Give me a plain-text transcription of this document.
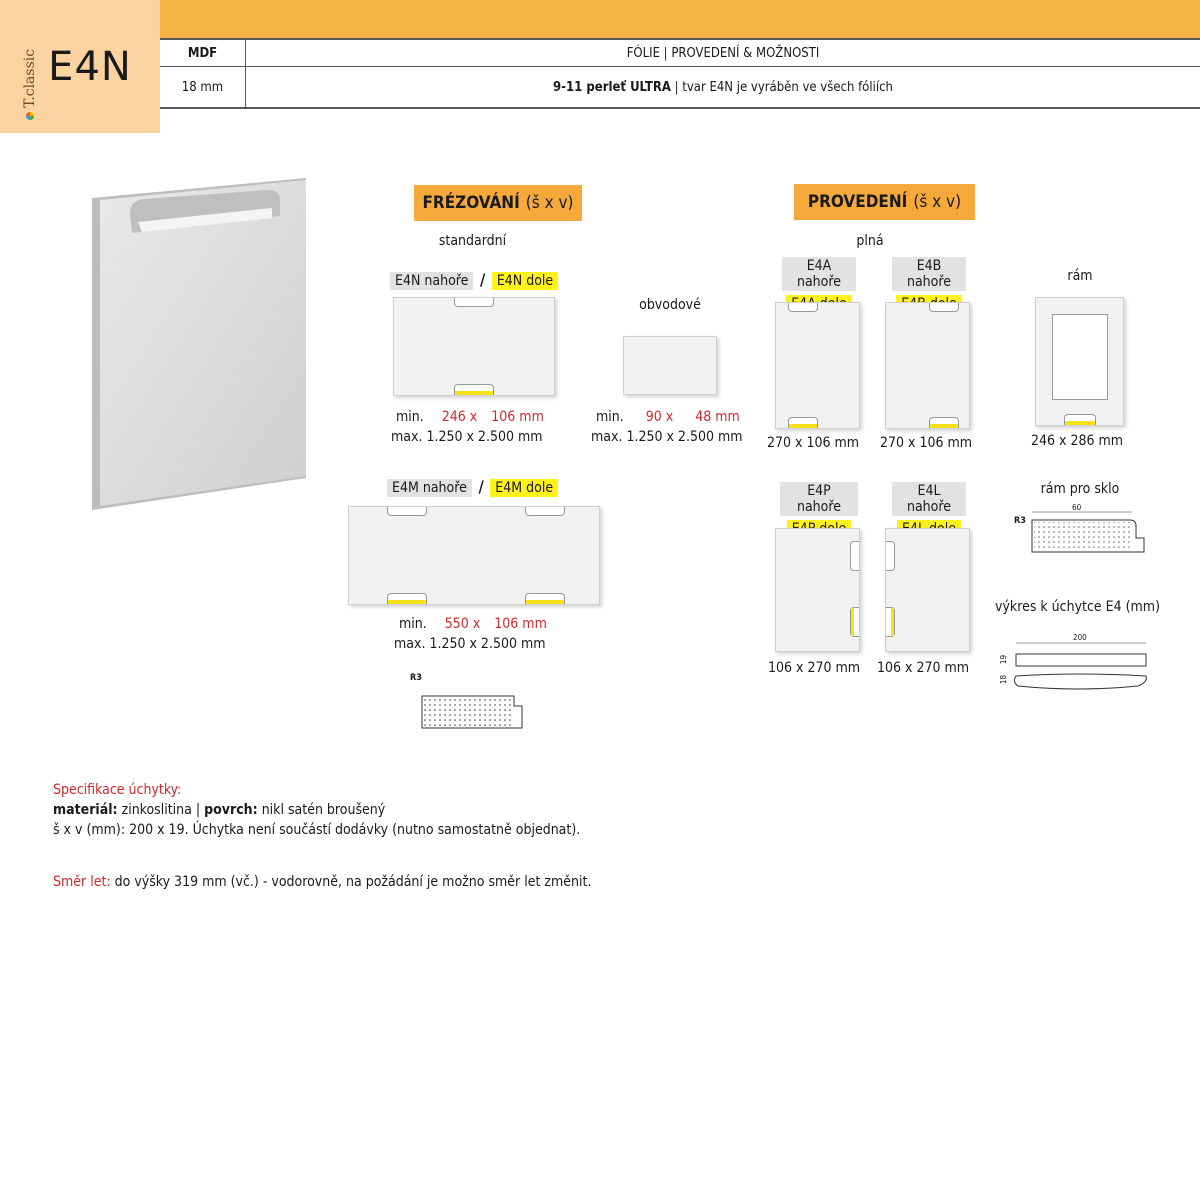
E4N
T.classic	MDF	FÓLIE | PROVEDENÍ & MOŽNOSTI
18 mm	9-11 perleť ULTRA | tvar E4N je vyráběn ve všech fóliích
FRÉZOVÁNÍ (š x v)
standardní
E4N nahoře / E4N dole
min. 246 x 106 mm
max. 1.250 x 2.500 mm
obvodové
min. 90 x 48 mm
max. 1.250 x 2.500 mm
E4M nahoře / E4M dole
min. 550 x 106 mm
max. 1.250 x 2.500 mm
R3
PROVEDENÍ (š x v)
plná
E4A nahoře

270 x 106 mm
E4B nahoře

270 x 106 mm
rám
246 x 286 mm
E4P nahoře

106 x 270 mm
E4L nahoře

106 x 270 mm
rám pro sklo
60
R3
výkres k úchytce E4 (mm)
200
19
18
Specifikace úchytky:
materiál: zinkoslitina | povrch: nikl satén broušený
š x v (mm): 200 x 19. Úchytka není součástí dodávky (nutno samostatně objednat).
Směr let: do výšky 319 mm (vč.) - vodorovně, na požádání je možno směr let změnit.
